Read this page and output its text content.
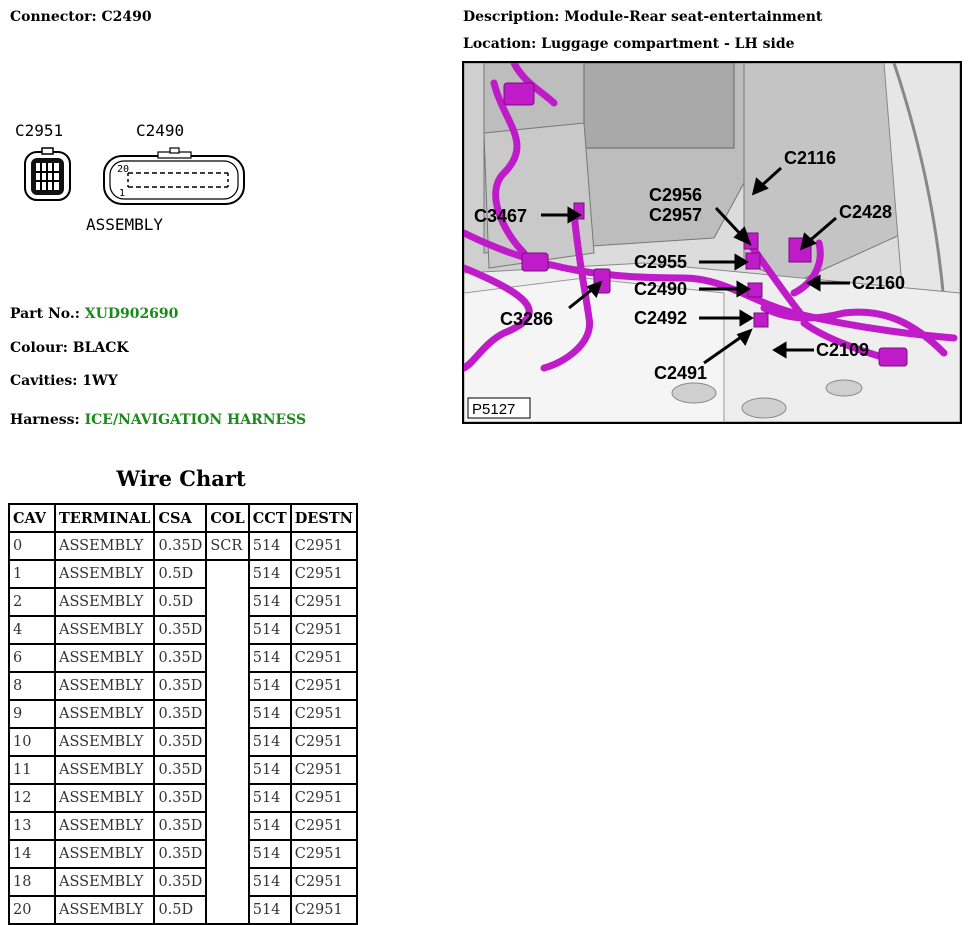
Connector: C2490	Description: Module-Rear seat-entertainment
Location: Luggage compartment - LH side
C2951	C2490
20
1
ASSEMBLY
Part No.: XUD902690
Colour: BLACK
Cavities: 1WY
Harness: ICE/NAVIGATION HARNESS
C2116
C2956
C2957	C2428
C3467
C2955
C2160
C2490
C3286	C2492
C2109
C2491
P5127
Wire Chart
CAV	TERMINAL	CSA	COL	CCT	DESTN
0	ASSEMBLY	0.35D	SCR	514	C2951
1	ASSEMBLY	0.5D		514	C2951
2	ASSEMBLY	0.5D		514	C2951
4	ASSEMBLY	0.35D		514	C2951
6	ASSEMBLY	0.35D		514	C2951
8	ASSEMBLY	0.35D		514	C2951
9	ASSEMBLY	0.35D		514	C2951
10	ASSEMBLY	0.35D		514	C2951
11	ASSEMBLY	0.35D		514	C2951
12	ASSEMBLY	0.35D		514	C2951
13	ASSEMBLY	0.35D		514	C2951
14	ASSEMBLY	0.35D		514	C2951
18	ASSEMBLY	0.35D		514	C2951
20	ASSEMBLY	0.5D		514	C2951
